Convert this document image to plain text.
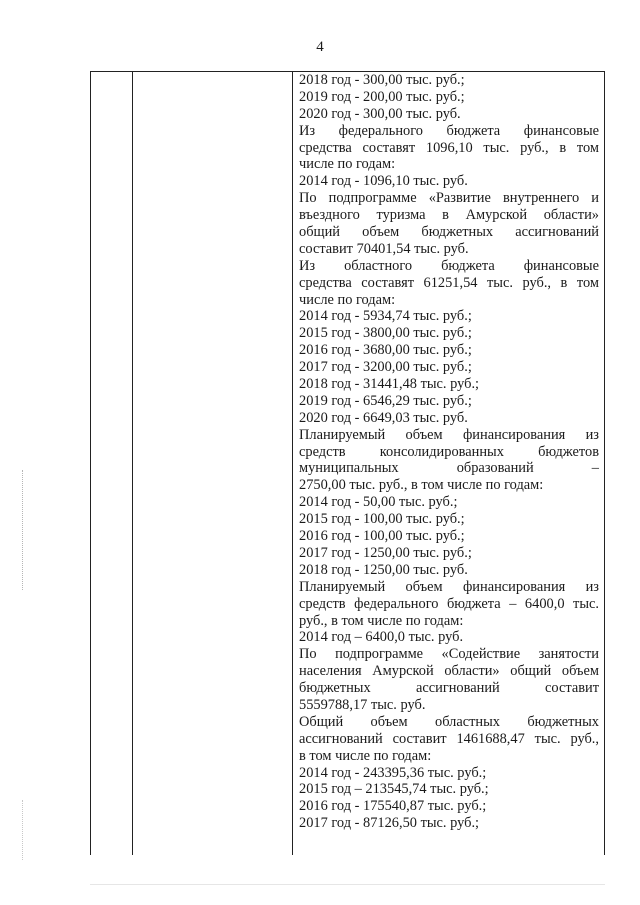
4
2018 год - 300,00 тыс. руб.;
2019 год - 200,00 тыс. руб.;
2020 год - 300,00 тыс. руб.
Из федерального бюджета финансовые
средства составят 1096,10 тыс. руб., в том
числе по годам:
2014 год - 1096,10 тыс. руб.
По подпрограмме «Развитие внутреннего и
въездного туризма в Амурской области»
общий объем бюджетных ассигнований
составит 70401,54 тыс. руб.
Из областного бюджета финансовые
средства составят 61251,54 тыс. руб., в том
числе по годам:
2014 год - 5934,74 тыс. руб.;
2015 год - 3800,00 тыс. руб.;
2016 год - 3680,00 тыс. руб.;
2017 год - 3200,00 тыс. руб.;
2018 год - 31441,48 тыс. руб.;
2019 год - 6546,29 тыс. руб.;
2020 год - 6649,03 тыс. руб.
Планируемый объем финансирования из
средств консолидированных бюджетов
муниципальных образований –
2750,00 тыс. руб., в том числе по годам:
2014 год - 50,00 тыс. руб.;
2015 год - 100,00 тыс. руб.;
2016 год - 100,00 тыс. руб.;
2017 год - 1250,00 тыс. руб.;
2018 год - 1250,00 тыс. руб.
Планируемый объем финансирования из
средств федерального бюджета – 6400,0 тыс.
руб., в том числе по годам:
2014 год – 6400,0 тыс. руб.
По подпрограмме «Содействие занятости
населения Амурской области» общий объем
бюджетных ассигнований составит
5559788,17 тыс. руб.
Общий объем областных бюджетных
ассигнований составит 1461688,47 тыс. руб.,
в том числе по годам:
2014 год - 243395,36 тыс. руб.;
2015 год – 213545,74 тыс. руб.;
2016 год - 175540,87 тыс. руб.;
2017 год - 87126,50 тыс. руб.;
